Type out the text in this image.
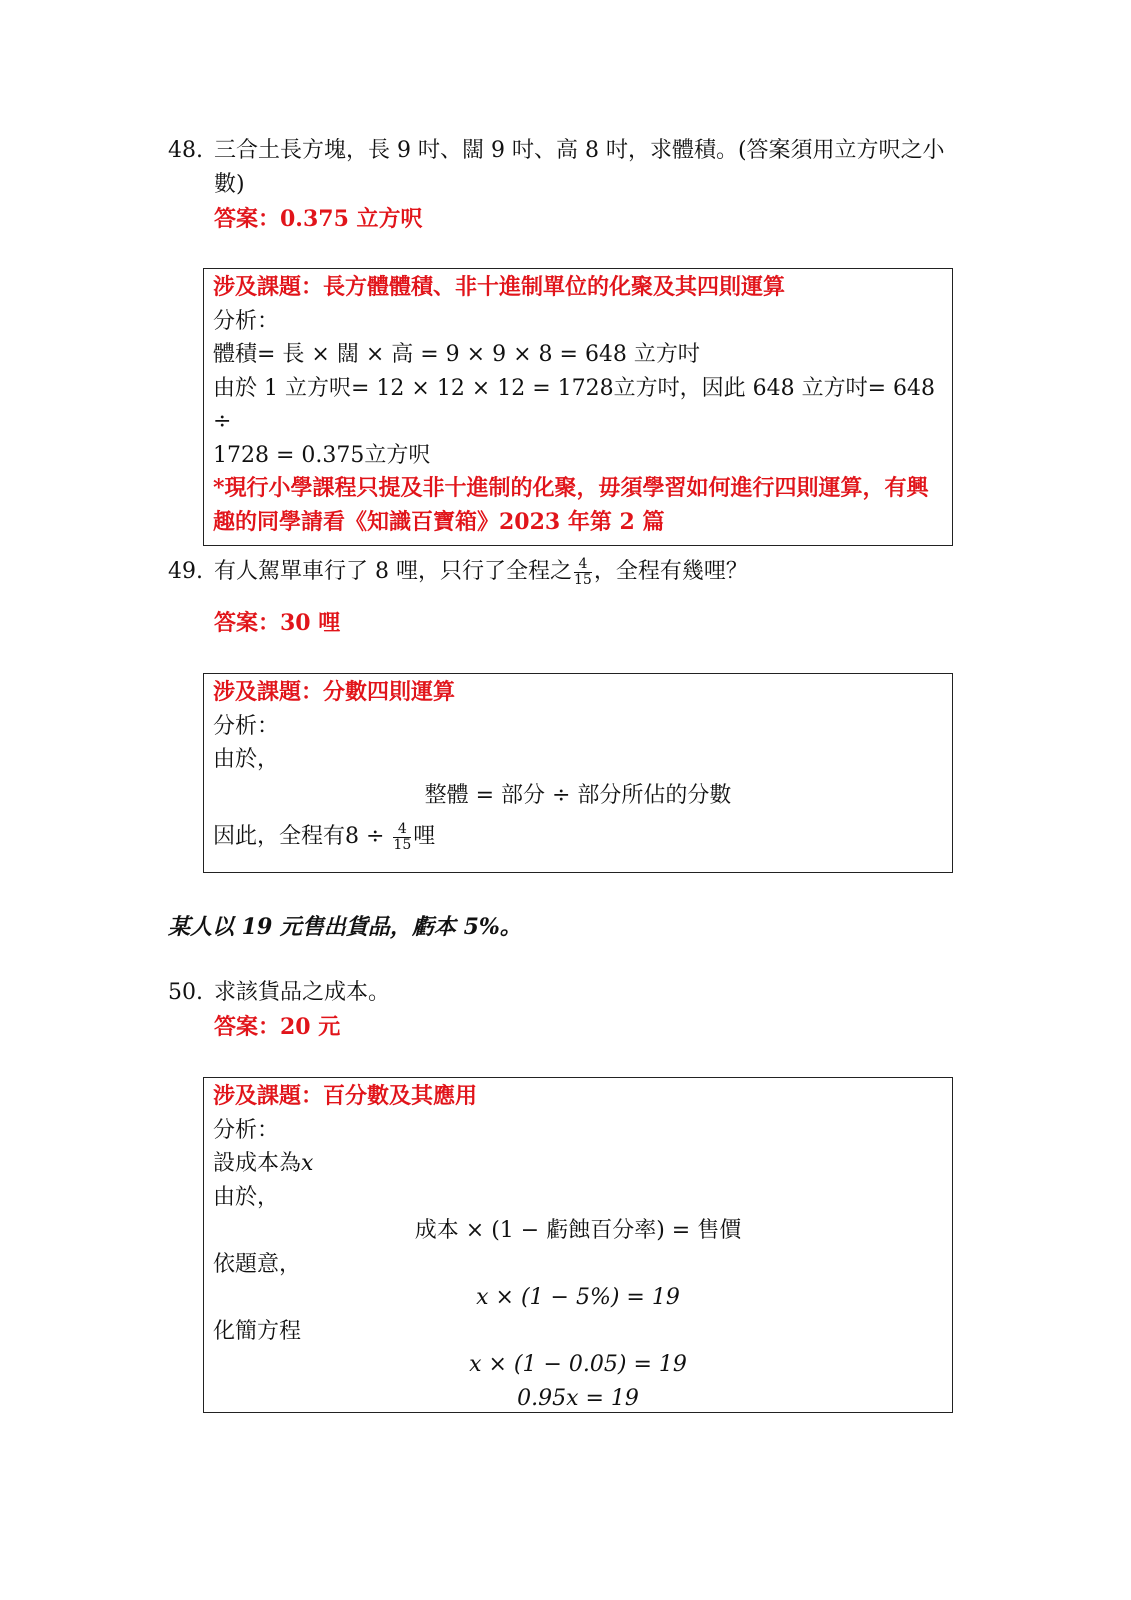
48. 三合土長方塊，長 9 吋、闊 9 吋、高 8 吋，求體積。(答案須用立方呎之小
數)
答案：0.375 立方呎
涉及課題：長方體體積、非十進制單位的化聚及其四則運算
分析：
體積= 長 × 闊 × 高 = 9 × 9 × 8 = 648 立方吋
由於 1 立方呎= 12 × 12 × 12 = 1728立方吋，因此 648 立方吋= 648 ÷
1728 = 0.375立方呎
*現行小學課程只提及非十進制的化聚，毋須學習如何進行四則運算，有興
趣的同學請看《知識百寶箱》2023 年第 2 篇
49. 有人駕單車行了 8 哩，只行了全程之 $\frac{4}{15}$ ，全程有幾哩？
答案：30 哩
涉及課題：分數四則運算
分析：
由於，
整體 = 部分 ÷ 部分所佔的分數
因此，全程有$8 \div \frac{4}{15}$ 哩
某人以 19 元售出貨品，虧本 5%。
50. 求該貨品之成本。
答案：20 元
涉及課題：百分數及其應用
分析：
設成本為x
由於，
成本 × (1 − 虧蝕百分率) = 售價
依題意，
x × (1 − 5%) = 19
化簡方程
x × (1 − 0.05) = 19
0.95x = 19
